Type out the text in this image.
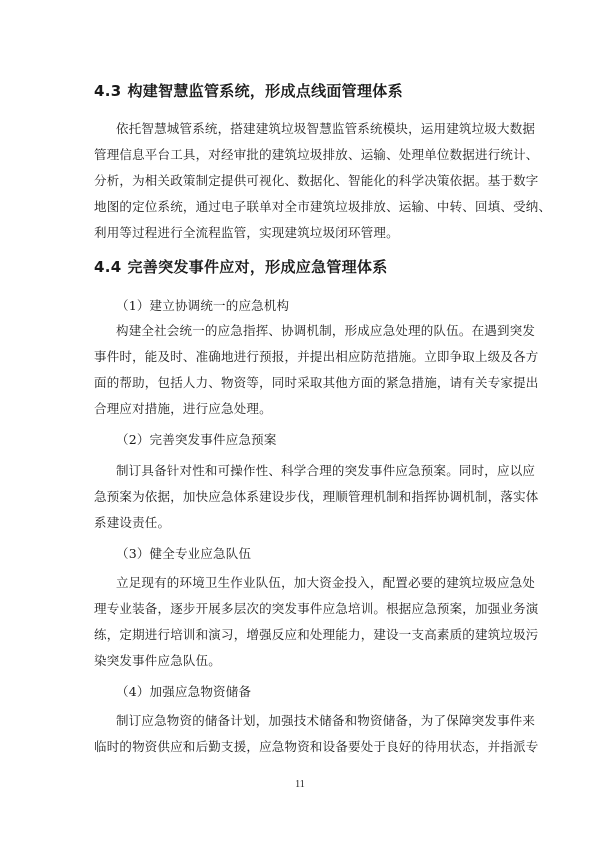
4.3 构建智慧监管系统，形成点线面管理体系
依托智慧城管系统，搭建建筑垃圾智慧监管系统模块，运用建筑垃圾大数据
管理信息平台工具，对经审批的建筑垃圾排放、运输、处理单位数据进行统计、
分析，为相关政策制定提供可视化、数据化、智能化的科学决策依据。基于数字
地图的定位系统，通过电子联单对全市建筑垃圾排放、运输、中转、回填、受纳、
利用等过程进行全流程监管，实现建筑垃圾闭环管理。
4.4 完善突发事件应对，形成应急管理体系
（1）建立协调统一的应急机构
构建全社会统一的应急指挥、协调机制，形成应急处理的队伍。在遇到突发
事件时，能及时、准确地进行预报，并提出相应防范措施。立即争取上级及各方
面的帮助，包括人力、物资等，同时采取其他方面的紧急措施，请有关专家提出
合理应对措施，进行应急处理。
（2）完善突发事件应急预案
制订具备针对性和可操作性、科学合理的突发事件应急预案。同时，应以应
急预案为依据，加快应急体系建设步伐，理顺管理机制和指挥协调机制，落实体
系建设责任。
（3）健全专业应急队伍
立足现有的环境卫生作业队伍，加大资金投入，配置必要的建筑垃圾应急处
理专业装备，逐步开展多层次的突发事件应急培训。根据应急预案，加强业务演
练，定期进行培训和演习，增强反应和处理能力，建设一支高素质的建筑垃圾污
染突发事件应急队伍。
（4）加强应急物资储备
制订应急物资的储备计划，加强技术储备和物资储备，为了保障突发事件来
临时的物资供应和后勤支援，应急物资和设备要处于良好的待用状态，并指派专
11
